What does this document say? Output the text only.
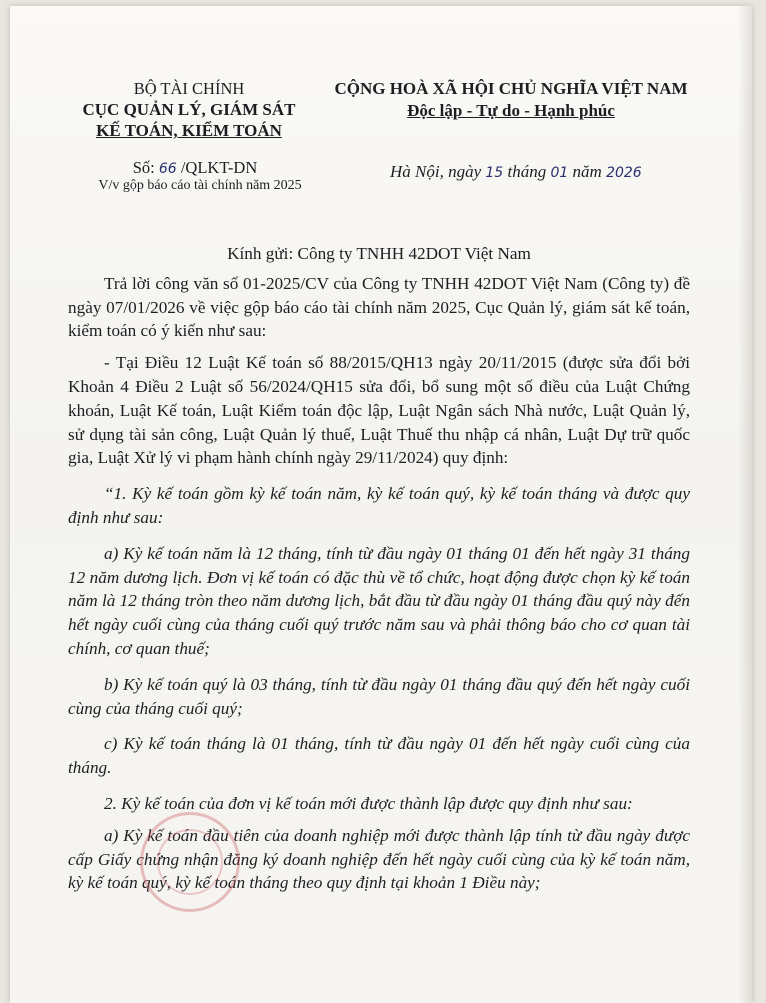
BỘ TÀI CHÍNH
CỤC QUẢN LÝ, GIÁM SÁT
KẾ TOÁN, KIỂM TOÁN
CỘNG HOÀ XÃ HỘI CHỦ NGHĨA VIỆT NAM
Độc lập - Tự do - Hạnh phúc
Số: 66 /QLKT-DN
V/v gộp báo cáo tài chính năm 2025
Hà Nội, ngày 15 tháng 01 năm 2026

Kính gửi: Công ty TNHH 42DOT Việt Nam

Trả lời công văn số 01-2025/CV của Công ty TNHH 42DOT Việt Nam (Công ty) đề ngày 07/01/2026 về việc gộp báo cáo tài chính năm 2025, Cục Quản lý, giám sát kế toán, kiểm toán có ý kiến như sau:

- Tại Điều 12 Luật Kế toán số 88/2015/QH13 ngày 20/11/2015 (được sửa đổi bởi Khoản 4 Điều 2 Luật số 56/2024/QH15 sửa đổi, bổ sung một số điều của Luật Chứng khoán, Luật Kế toán, Luật Kiểm toán độc lập, Luật Ngân sách Nhà nước, Luật Quản lý, sử dụng tài sản công, Luật Quản lý thuế, Luật Thuế thu nhập cá nhân, Luật Dự trữ quốc gia, Luật Xử lý vi phạm hành chính ngày 29/11/2024) quy định:

“1. Kỳ kế toán gồm kỳ kế toán năm, kỳ kế toán quý, kỳ kế toán tháng và được quy định như sau:

a) Kỳ kế toán năm là 12 tháng, tính từ đầu ngày 01 tháng 01 đến hết ngày 31 tháng 12 năm dương lịch. Đơn vị kế toán có đặc thù về tổ chức, hoạt động được chọn kỳ kế toán năm là 12 tháng tròn theo năm dương lịch, bắt đầu từ đầu ngày 01 tháng đầu quý này đến hết ngày cuối cùng của tháng cuối quý trước năm sau và phải thông báo cho cơ quan tài chính, cơ quan thuế;

b) Kỳ kế toán quý là 03 tháng, tính từ đầu ngày 01 tháng đầu quý đến hết ngày cuối cùng của tháng cuối quý;

c) Kỳ kế toán tháng là 01 tháng, tính từ đầu ngày 01 đến hết ngày cuối cùng của tháng.

2. Kỳ kế toán của đơn vị kế toán mới được thành lập được quy định như sau:

a) Kỳ kế toán đầu tiên của doanh nghiệp mới được thành lập tính từ đầu ngày được cấp Giấy chứng nhận đăng ký doanh nghiệp đến hết ngày cuối cùng của kỳ kế toán năm, kỳ kế toán quý, kỳ kế toán tháng theo quy định tại khoản 1 Điều này;
